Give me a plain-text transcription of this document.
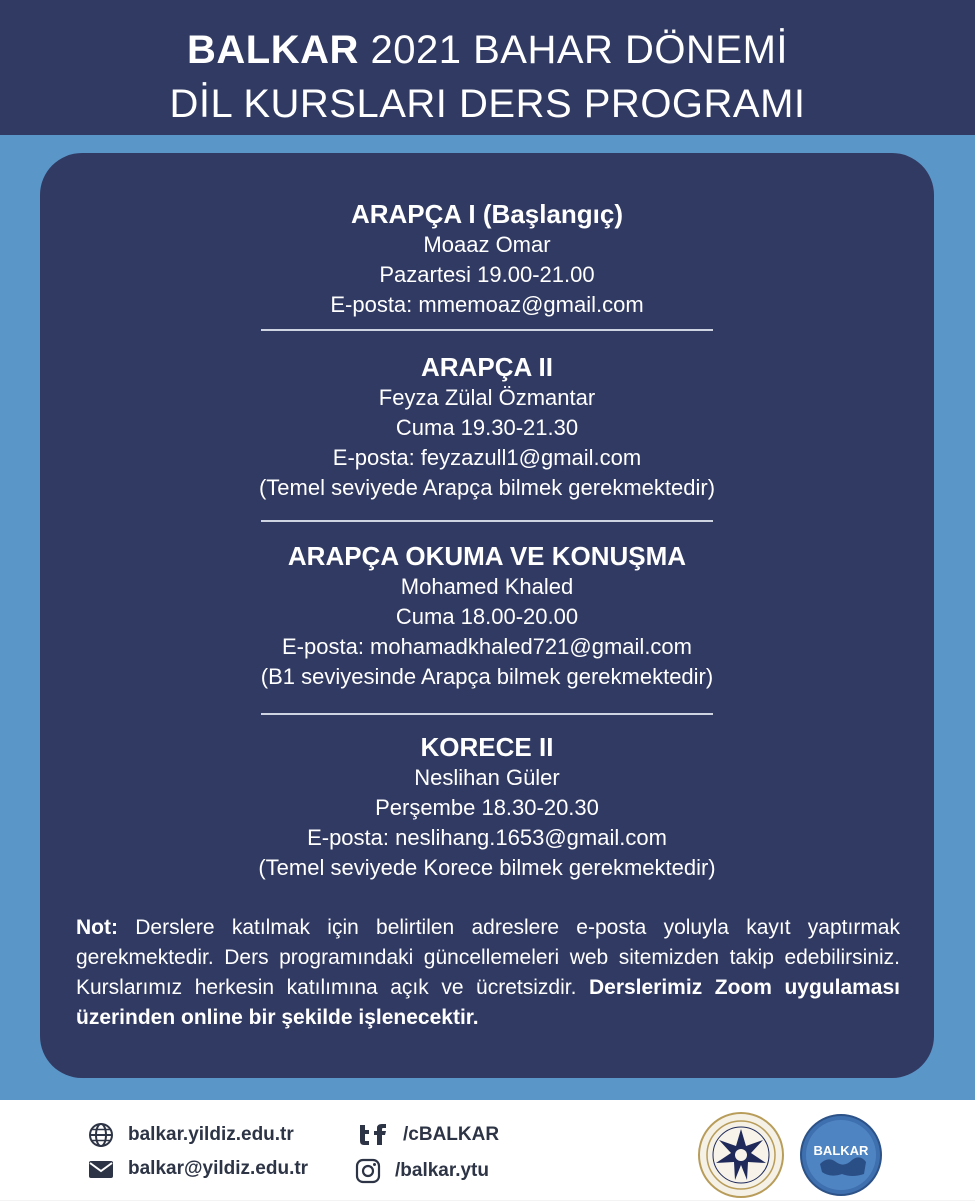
BALKAR 2021 BAHAR DÖNEMİ
DİL KURSLARI DERS PROGRAMI
ARAPÇA I (Başlangıç)
Moaaz Omar
Pazartesi 19.00-21.00
E-posta: mmemoaz@gmail.com
ARAPÇA II
Feyza Zülal Özmantar
Cuma 19.30-21.30
E-posta: feyzazull1@gmail.com
(Temel seviyede Arapça bilmek gerekmektedir)
ARAPÇA OKUMA VE KONUŞMA
Mohamed Khaled
Cuma 18.00-20.00
E-posta: mohamadkhaled721@gmail.com
(B1 seviyesinde Arapça bilmek gerekmektedir)
KORECE II
Neslihan Güler
Perşembe 18.30-20.30
E-posta: neslihang.1653@gmail.com
(Temel seviyede Korece bilmek gerekmektedir)
Not: Derslere katılmak için belirtilen adreslere e-posta yoluyla kayıt yaptırmak gerekmektedir. Ders programındaki güncellemeleri web sitemizden takip edebilirsiniz. Kurslarımız herkesin katılımına açık ve ücretsizdir. Derslerimiz Zoom uygulaması üzerinden online bir şekilde işlenecektir.
balkar.yildiz.edu.tr
balkar@yildiz.edu.tr
/cBALKAR
/balkar.ytu
BALKAR
